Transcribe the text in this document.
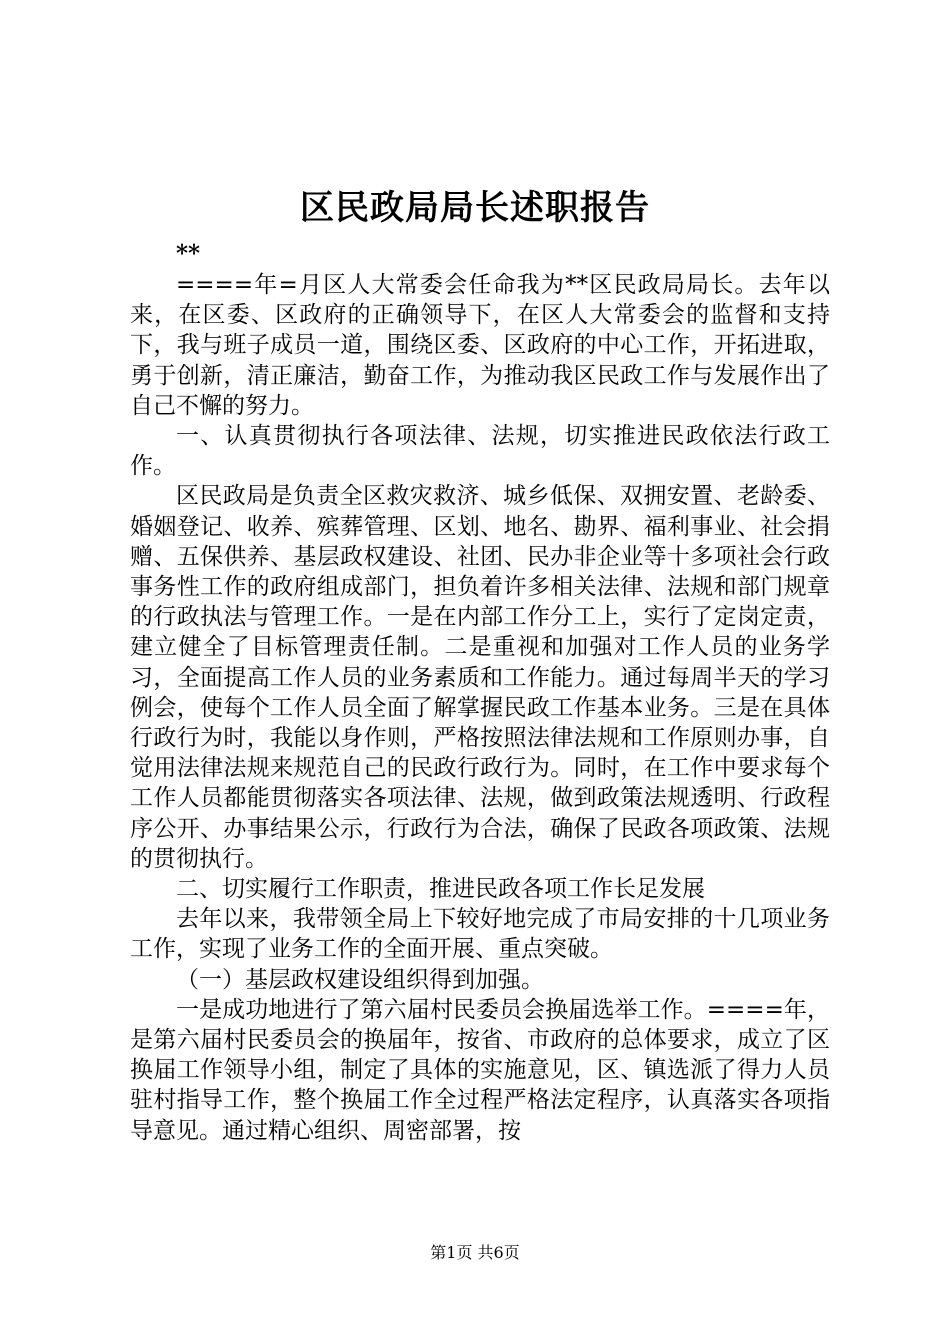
区民政局局长述职报告

**

====年=月区人大常委会任命我为**区民政局局长。去年以来，在区委、区政府的正确领导下，在区人大常委会的监督和支持下，我与班子成员一道，围绕区委、区政府的中心工作，开拓进取，勇于创新，清正廉洁，勤奋工作，为推动我区民政工作与发展作出了自己不懈的努力。

一、认真贯彻执行各项法律、法规，切实推进民政依法行政工作。

区民政局是负责全区救灾救济、城乡低保、双拥安置、老龄委、婚姻登记、收养、殡葬管理、区划、地名、勘界、福利事业、社会捐赠、五保供养、基层政权建设、社团、民办非企业等十多项社会行政事务性工作的政府组成部门，担负着许多相关法律、法规和部门规章的行政执法与管理工作。一是在内部工作分工上，实行了定岗定责，建立健全了目标管理责任制。二是重视和加强对工作人员的业务学习，全面提高工作人员的业务素质和工作能力。通过每周半天的学习例会，使每个工作人员全面了解掌握民政工作基本业务。三是在具体行政行为时，我能以身作则，严格按照法律法规和工作原则办事，自觉用法律法规来规范自己的民政行政行为。同时，在工作中要求每个工作人员都能贯彻落实各项法律、法规，做到政策法规透明、行政程序公开、办事结果公示，行政行为合法，确保了民政各项政策、法规的贯彻执行。

二、切实履行工作职责，推进民政各项工作长足发展

去年以来，我带领全局上下较好地完成了市局安排的十几项业务工作，实现了业务工作的全面开展、重点突破。

（一）基层政权建设组织得到加强。

一是成功地进行了第六届村民委员会换届选举工作。====年，是第六届村民委员会的换届年，按省、市政府的总体要求，成立了区换届工作领导小组，制定了具体的实施意见，区、镇选派了得力人员驻村指导工作，整个换届工作全过程严格法定程序，认真落实各项指导意见。通过精心组织、周密部署，按

第1页 共6页
